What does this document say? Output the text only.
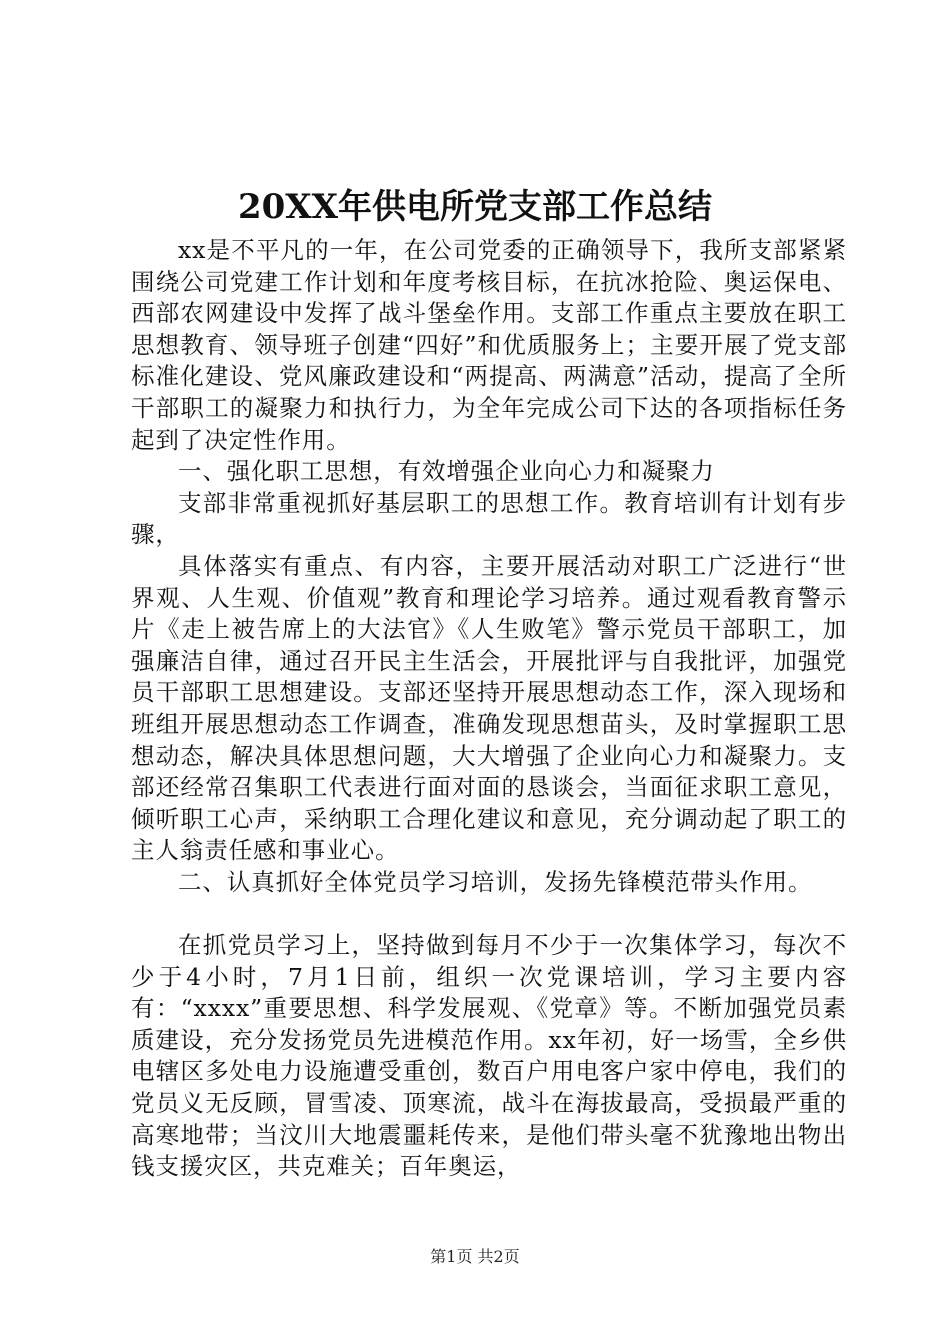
20XX年供电所党支部工作总结

xx是不平凡的一年，在公司党委的正确领导下，我所支部紧紧围绕公司党建工作计划和年度考核目标，在抗冰抢险、奥运保电、西部农网建设中发挥了战斗堡垒作用。支部工作重点主要放在职工思想教育、领导班子创建“四好”和优质服务上；主要开展了党支部标准化建设、党风廉政建设和“两提高、两满意”活动，提高了全所干部职工的凝聚力和执行力，为全年完成公司下达的各项指标任务起到了决定性作用。

一、强化职工思想，有效增强企业向心力和凝聚力

支部非常重视抓好基层职工的思想工作。教育培训有计划有步骤，

具体落实有重点、有内容，主要开展活动对职工广泛进行“世界观、人生观、价值观”教育和理论学习培养。通过观看教育警示片《走上被告席上的大法官》《人生败笔》警示党员干部职工，加强廉洁自律，通过召开民主生活会，开展批评与自我批评，加强党员干部职工思想建设。支部还坚持开展思想动态工作，深入现场和班组开展思想动态工作调查，准确发现思想苗头，及时掌握职工思想动态，解决具体思想问题，大大增强了企业向心力和凝聚力。支部还经常召集职工代表进行面对面的恳谈会，当面征求职工意见，倾听职工心声，采纳职工合理化建议和意见，充分调动起了职工的主人翁责任感和事业心。

二、认真抓好全体党员学习培训，发扬先锋模范带头作用。

在抓党员学习上，坚持做到每月不少于一次集体学习，每次不少于4小时，7月1日前，组织一次党课培训，学习主要内容有：“xxxx”重要思想、科学发展观、《党章》等。不断加强党员素质建设，充分发扬党员先进模范作用。xx年初，好一场雪，全乡供电辖区多处电力设施遭受重创，数百户用电客户家中停电，我们的党员义无反顾，冒雪凌、顶寒流，战斗在海拔最高，受损最严重的高寒地带；当汶川大地震噩耗传来，是他们带头毫不犹豫地出物出钱支援灾区，共克难关；百年奥运，

第1页 共2页
